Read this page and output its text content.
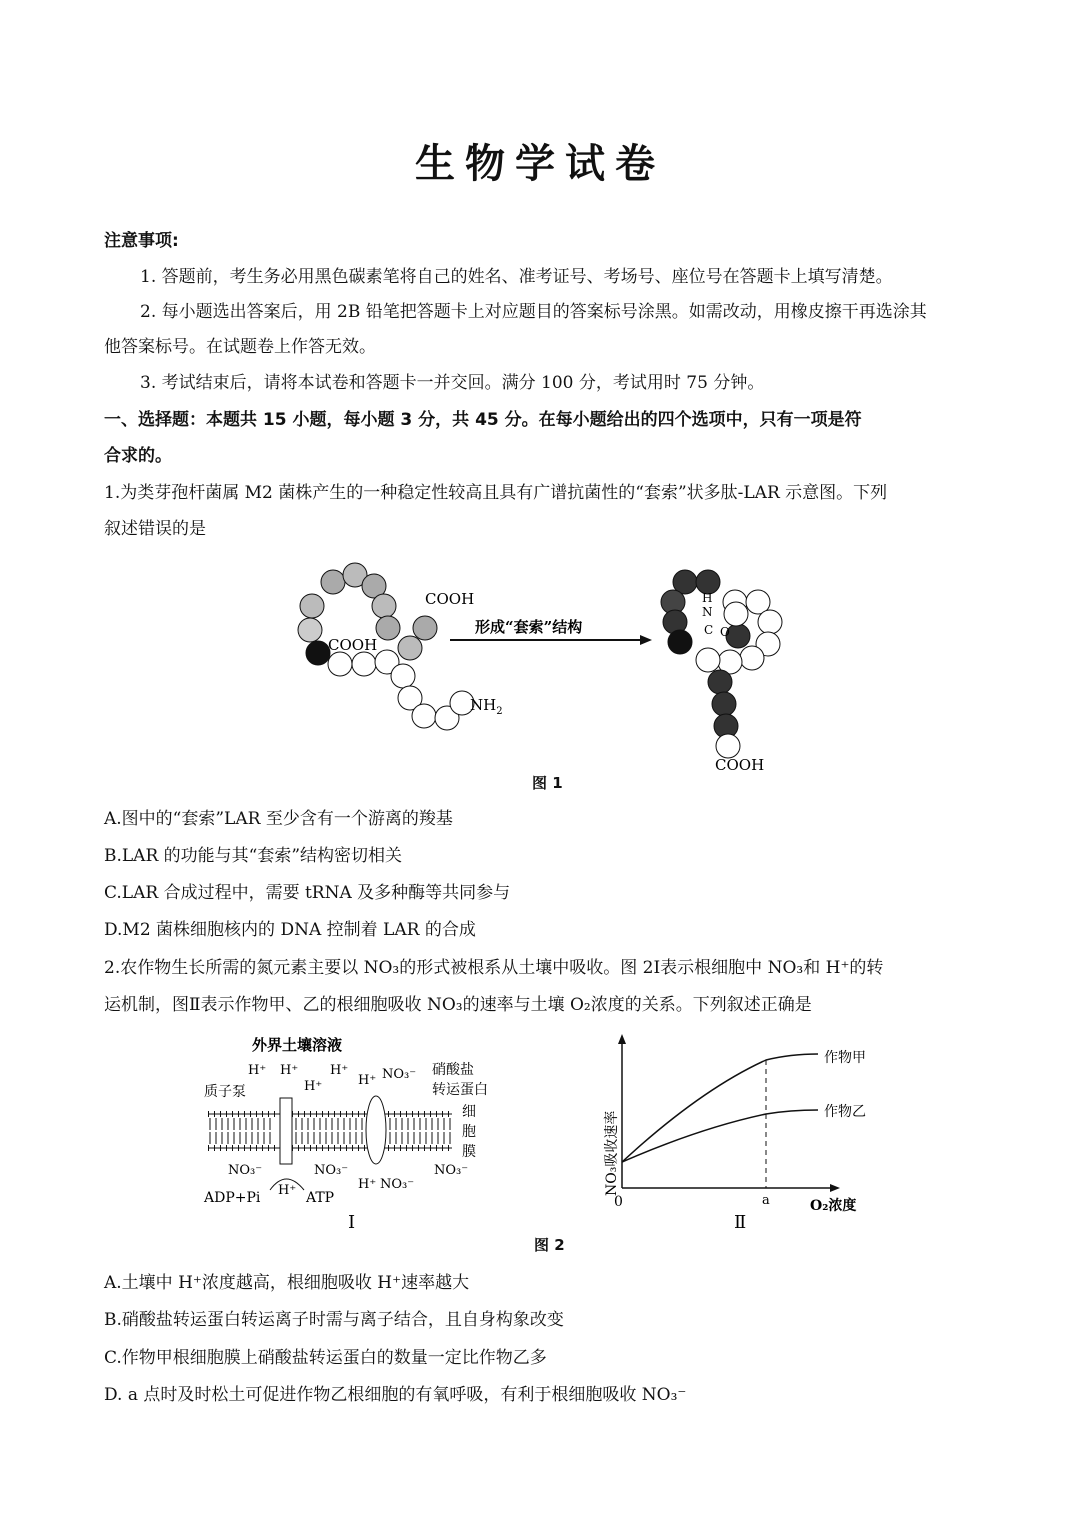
生物学试卷
注意事项:
1. 答题前，考生务必用黑色碳素笔将自己的姓名、准考证号、考场号、座位号在答题卡上填写清楚。
2. 每小题选出答案后，用 2B 铅笔把答题卡上对应题目的答案标号涂黑。如需改动，用橡皮擦干再选涂其
他答案标号。在试题卷上作答无效。
3. 考试结束后，请将本试卷和答题卡一并交回。满分 100 分，考试用时 75 分钟。
一、选择题：本题共 15 小题，每小题 3 分，共 45 分。在每小题给出的四个选项中，只有一项是符
合求的。
1.为类芽孢杆菌属 M2 菌株产生的一种稳定性较高且具有广谱抗菌性的“套索”状多肽-LAR 示意图。下列
叙述错误的是
COOH
COOH
$NH_2$
形成“套索”结构
H
N
C O
COOH
图 1
A.图中的“套索”LAR 至少含有一个游离的羧基
B.LAR 的功能与其“套索”结构密切相关
C.LAR 合成过程中，需要 tRNA 及多种酶等共同参与
D.M2 菌株细胞核内的 DNA 控制着 LAR 的合成
2.农作物生长所需的氮元素主要以 NO₃的形式被根系从土壤中吸收。图 2Ⅰ表示根细胞中 NO₃和 H⁺的转
运机制，图Ⅱ表示作物甲、乙的根细胞吸收 NO₃的速率与土壤 O₂浓度的关系。下列叙述正确是
外界土壤溶液
质子泵
硝酸盐
转运蛋白
细
胞
膜
H⁺ H⁺
H⁺
H⁺
H⁺ NO₃⁻
NO₃⁻	NO₃⁻	NO₃⁻
H⁺	H⁺ NO₃⁻
ADP+Pi	ATP
Ⅰ
作物甲
作物乙
NO₃吸收速率
0	a	O₂浓度
Ⅱ
图 2
A.土壤中 H⁺浓度越高，根细胞吸收 H⁺速率越大
B.硝酸盐转运蛋白转运离子时需与离子结合，且自身构象改变
C.作物甲根细胞膜上硝酸盐转运蛋白的数量一定比作物乙多
D. a 点时及时松土可促进作物乙根细胞的有氧呼吸，有利于根细胞吸收 NO₃⁻
